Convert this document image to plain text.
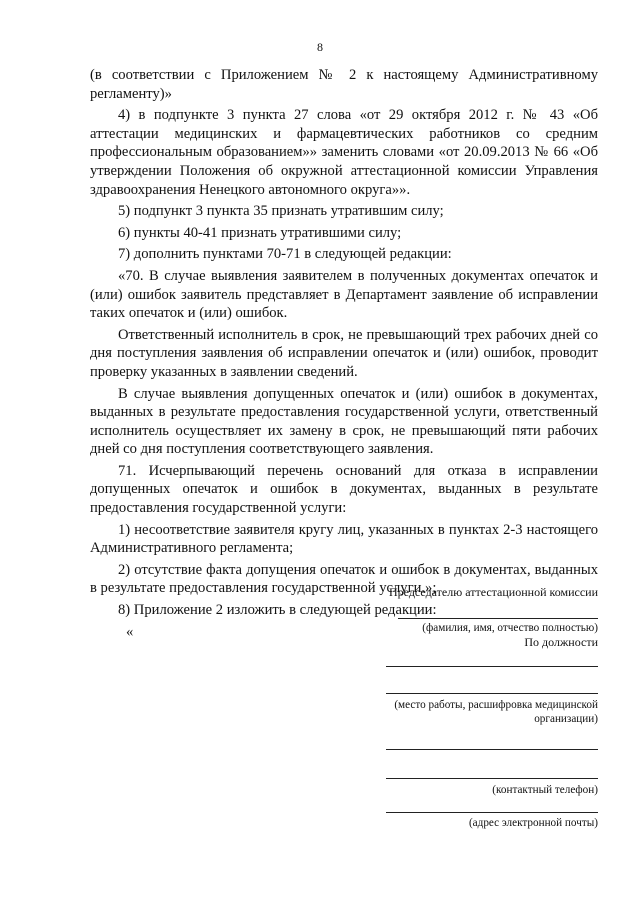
8

(в соответствии с Приложением № 2 к настоящему Административному регламенту)»

4) в подпункте 3 пункта 27 слова «от 29 октября 2012 г. № 43 «Об аттестации медицинских и фармацевтических работников со средним профессиональным образованием»» заменить словами «от 20.09.2013 № 66 «Об утверждении Положения об окружной аттестационной комиссии Управления здравоохранения Ненецкого автономного округа»».

5) подпункт 3 пункта 35 признать утратившим силу;

6) пункты 40-41 признать утратившими силу;

7) дополнить пунктами 70-71 в следующей редакции:

«70. В случае выявления заявителем в полученных документах опечаток и (или) ошибок заявитель представляет в Департамент заявление об исправлении таких опечаток и (или) ошибок.

Ответственный исполнитель в срок, не превышающий трех рабочих дней со дня поступления заявления об исправлении опечаток и (или) ошибок, проводит проверку указанных в заявлении сведений.

В случае выявления допущенных опечаток и (или) ошибок в документах, выданных в результате предоставления государственной услуги, ответственный исполнитель осуществляет их замену в срок, не превышающий пяти рабочих дней со дня поступления соответствующего заявления.

71. Исчерпывающий перечень оснований для отказа в исправлении допущенных опечаток и ошибок в документах, выданных в результате предоставления государственной услуги:

1) несоответствие заявителя кругу лиц, указанных в пунктах 2-3 настоящего Административного регламента;

2) отсутствие факта допущения опечаток и ошибок в документах, выданных в результате предоставления государственной услуги.»;

8) Приложение 2 изложить в следующей редакции:

«

Председателю аттестационной комиссии
(фамилия, имя, отчество полностью)
По должности
(место работы, расшифровка медицинской
организации)
(контактный телефон)
(адрес электронной почты)
